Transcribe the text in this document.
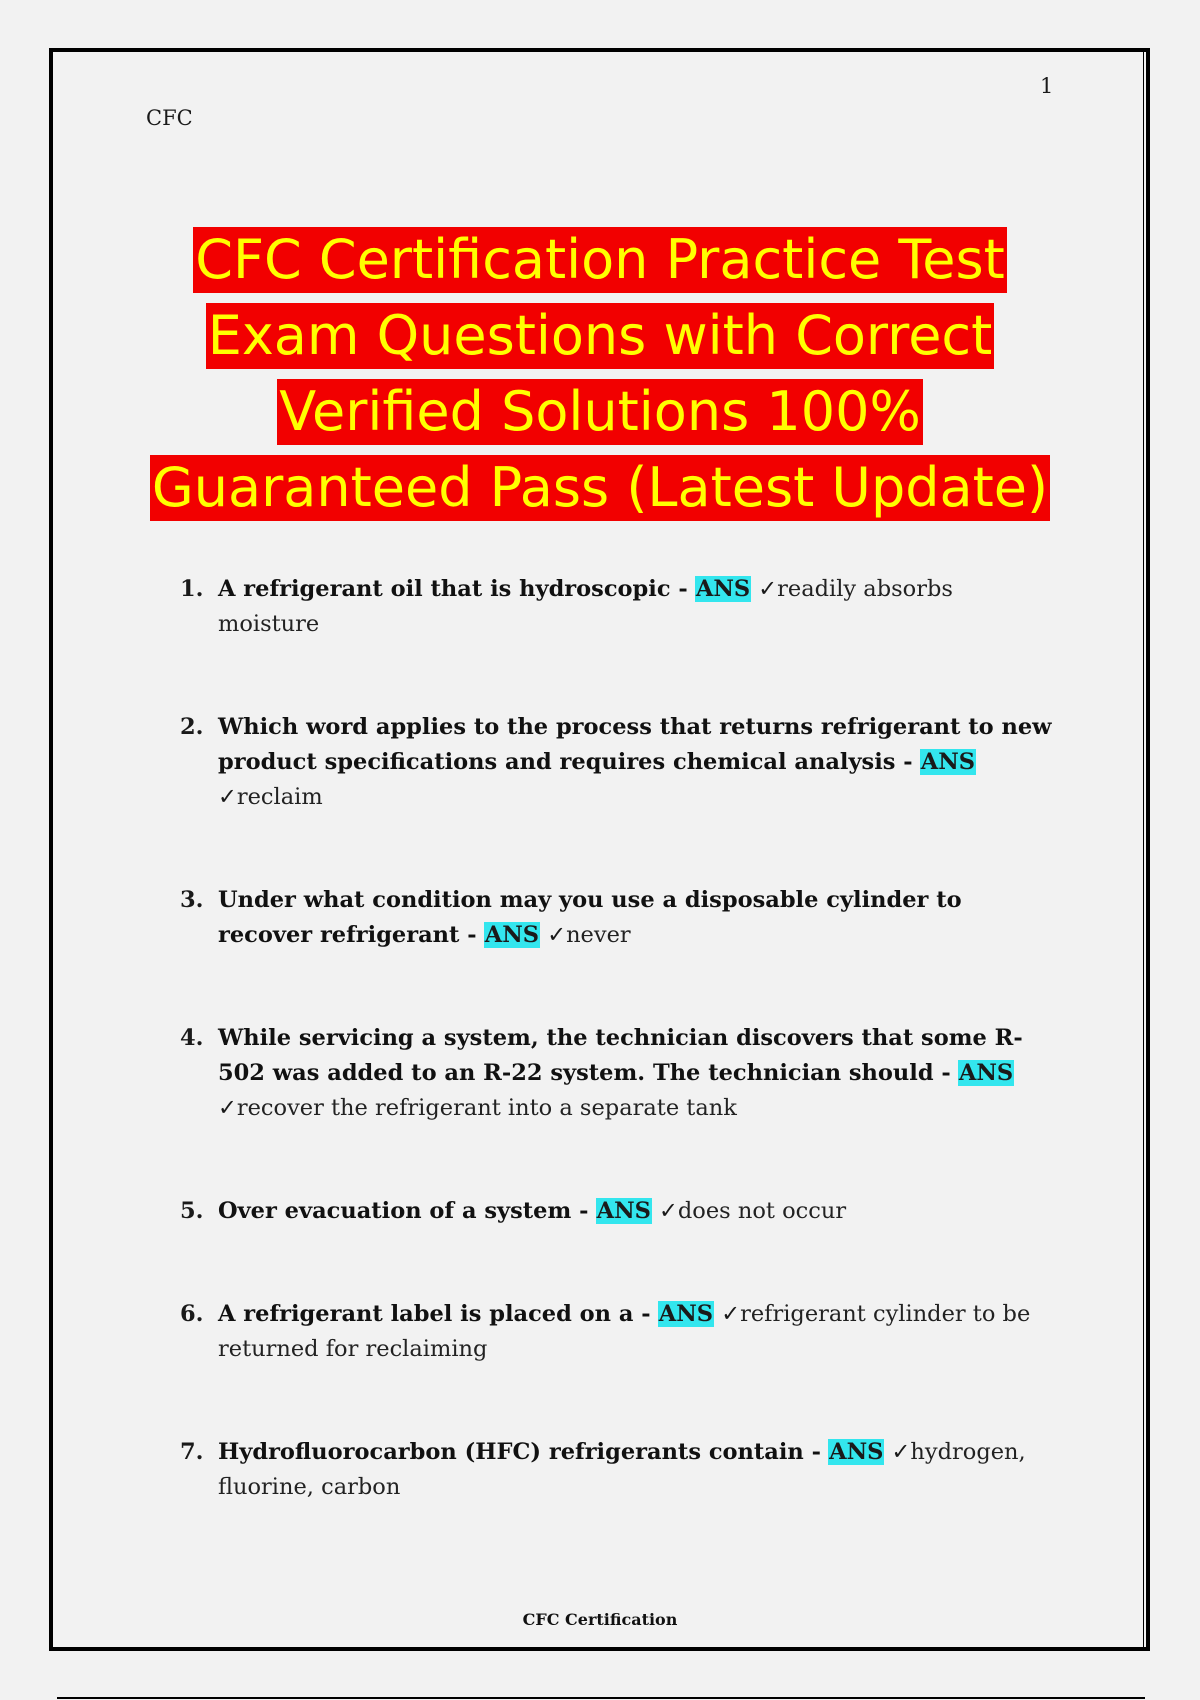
1
CFC
CFC Certification Practice Test
Exam Questions with Correct
Verified Solutions 100%
Guaranteed Pass (Latest Update)
1. A refrigerant oil that is hydroscopic - ANS ✓readily absorbs moisture
2. Which word applies to the process that returns refrigerant to new product specifications and requires chemical analysis - ANS ✓reclaim
3. Under what condition may you use a disposable cylinder to recover refrigerant - ANS ✓never
4. While servicing a system, the technician discovers that some R-502 was added to an R-22 system. The technician should - ANS ✓recover the refrigerant into a separate tank
5. Over evacuation of a system - ANS ✓does not occur
6. A refrigerant label is placed on a - ANS ✓refrigerant cylinder to be returned for reclaiming
7. Hydrofluorocarbon (HFC) refrigerants contain - ANS ✓hydrogen, fluorine, carbon
CFC Certification
